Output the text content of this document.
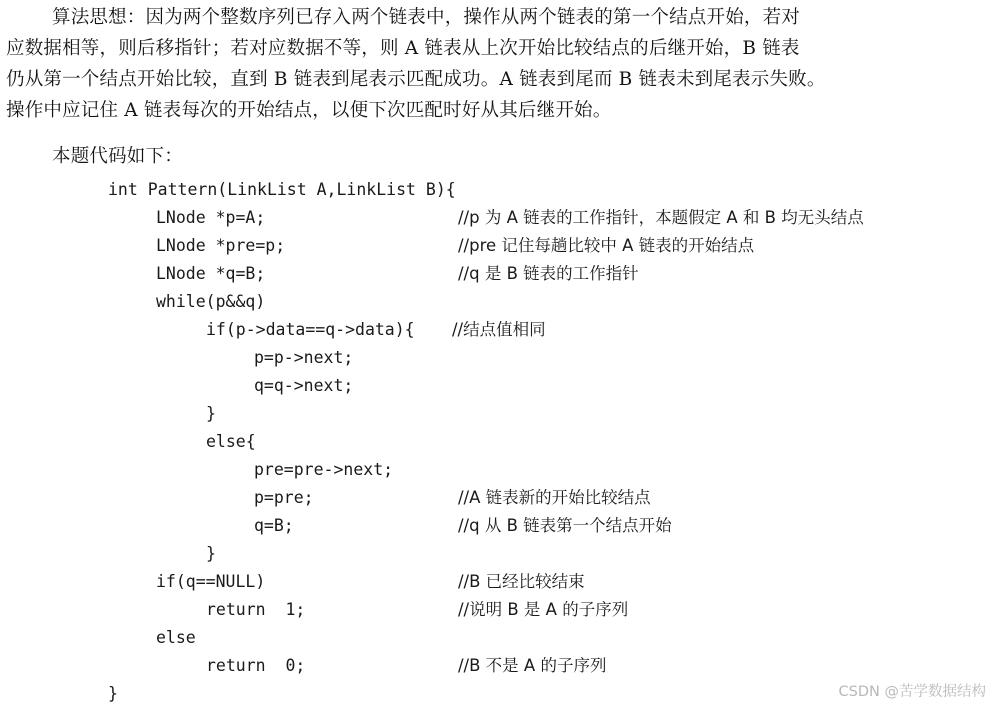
算法思想：因为两个整数序列已存入两个链表中，操作从两个链表的第一个结点开始，若对
应数据相等，则后移指针；若对应数据不等，则 A 链表从上次开始比较结点的后继开始，B 链表
仍从第一个结点开始比较，直到 B 链表到尾表示匹配成功。A 链表到尾而 B 链表未到尾表示失败。
操作中应记住 A 链表每次的开始结点，以便下次匹配时好从其后继开始。
本题代码如下：
int Pattern(LinkList A,LinkList B){
LNode *p=A;	//p 为 A 链表的工作指针，本题假定 A 和 B 均无头结点
LNode *pre=p;	//pre 记住每趟比较中 A 链表的开始结点
LNode *q=B;	//q 是 B 链表的工作指针
while(p&&q)
if(p->data==q->data){ //结点值相同
p=p->next;
q=q->next;
}
else{
pre=pre->next;
p=pre;	//A 链表新的开始比较结点
q=B;	//q 从 B 链表第一个结点开始
}
if(q==NULL)	//B 已经比较结束
return  1;	//说明 B 是 A 的子序列
else
return  0;	//B 不是 A 的子序列
}	CSDN @苦学数据结构
